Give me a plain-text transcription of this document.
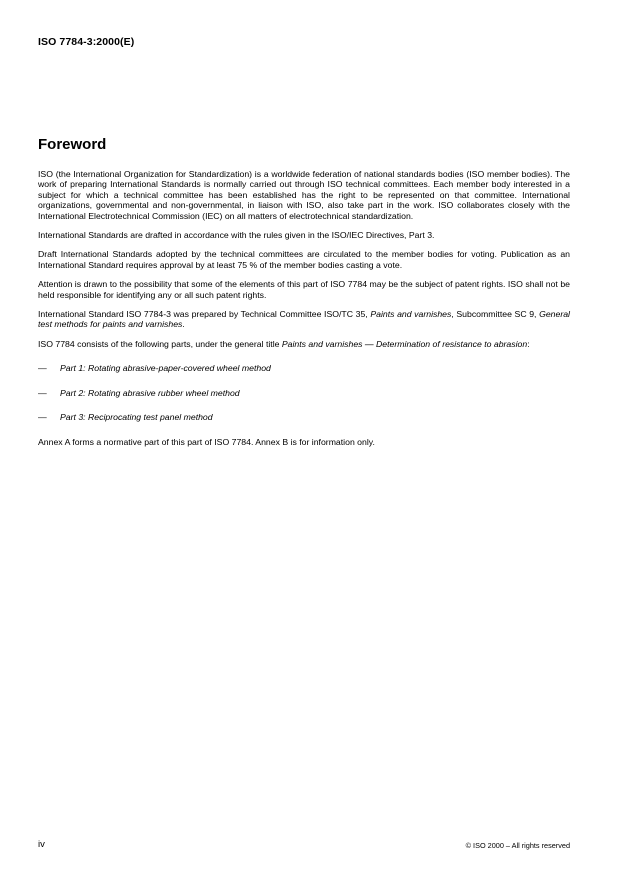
ISO 7784-3:2000(E)
Foreword

ISO (the International Organization for Standardization) is a worldwide federation of national standards bodies (ISO member bodies). The work of preparing International Standards is normally carried out through ISO technical committees. Each member body interested in a subject for which a technical committee has been established has the right to be represented on that committee. International organizations, governmental and non-governmental, in liaison with ISO, also take part in the work. ISO collaborates closely with the International Electrotechnical Commission (IEC) on all matters of electrotechnical standardization.

International Standards are drafted in accordance with the rules given in the ISO/IEC Directives, Part 3.

Draft International Standards adopted by the technical committees are circulated to the member bodies for voting. Publication as an International Standard requires approval by at least 75 % of the member bodies casting a vote.

Attention is drawn to the possibility that some of the elements of this part of ISO 7784 may be the subject of patent rights. ISO shall not be held responsible for identifying any or all such patent rights.

International Standard ISO 7784-3 was prepared by Technical Committee ISO/TC 35, Paints and varnishes, Subcommittee SC 9, General test methods for paints and varnishes.

ISO 7784 consists of the following parts, under the general title Paints and varnishes — Determination of resistance to abrasion:

—	Part 1: Rotating abrasive-paper-covered wheel method
—	Part 2: Rotating abrasive rubber wheel method
—	Part 3: Reciprocating test panel method

Annex A forms a normative part of this part of ISO 7784. Annex B is for information only.

iv	© ISO 2000 – All rights reserved
